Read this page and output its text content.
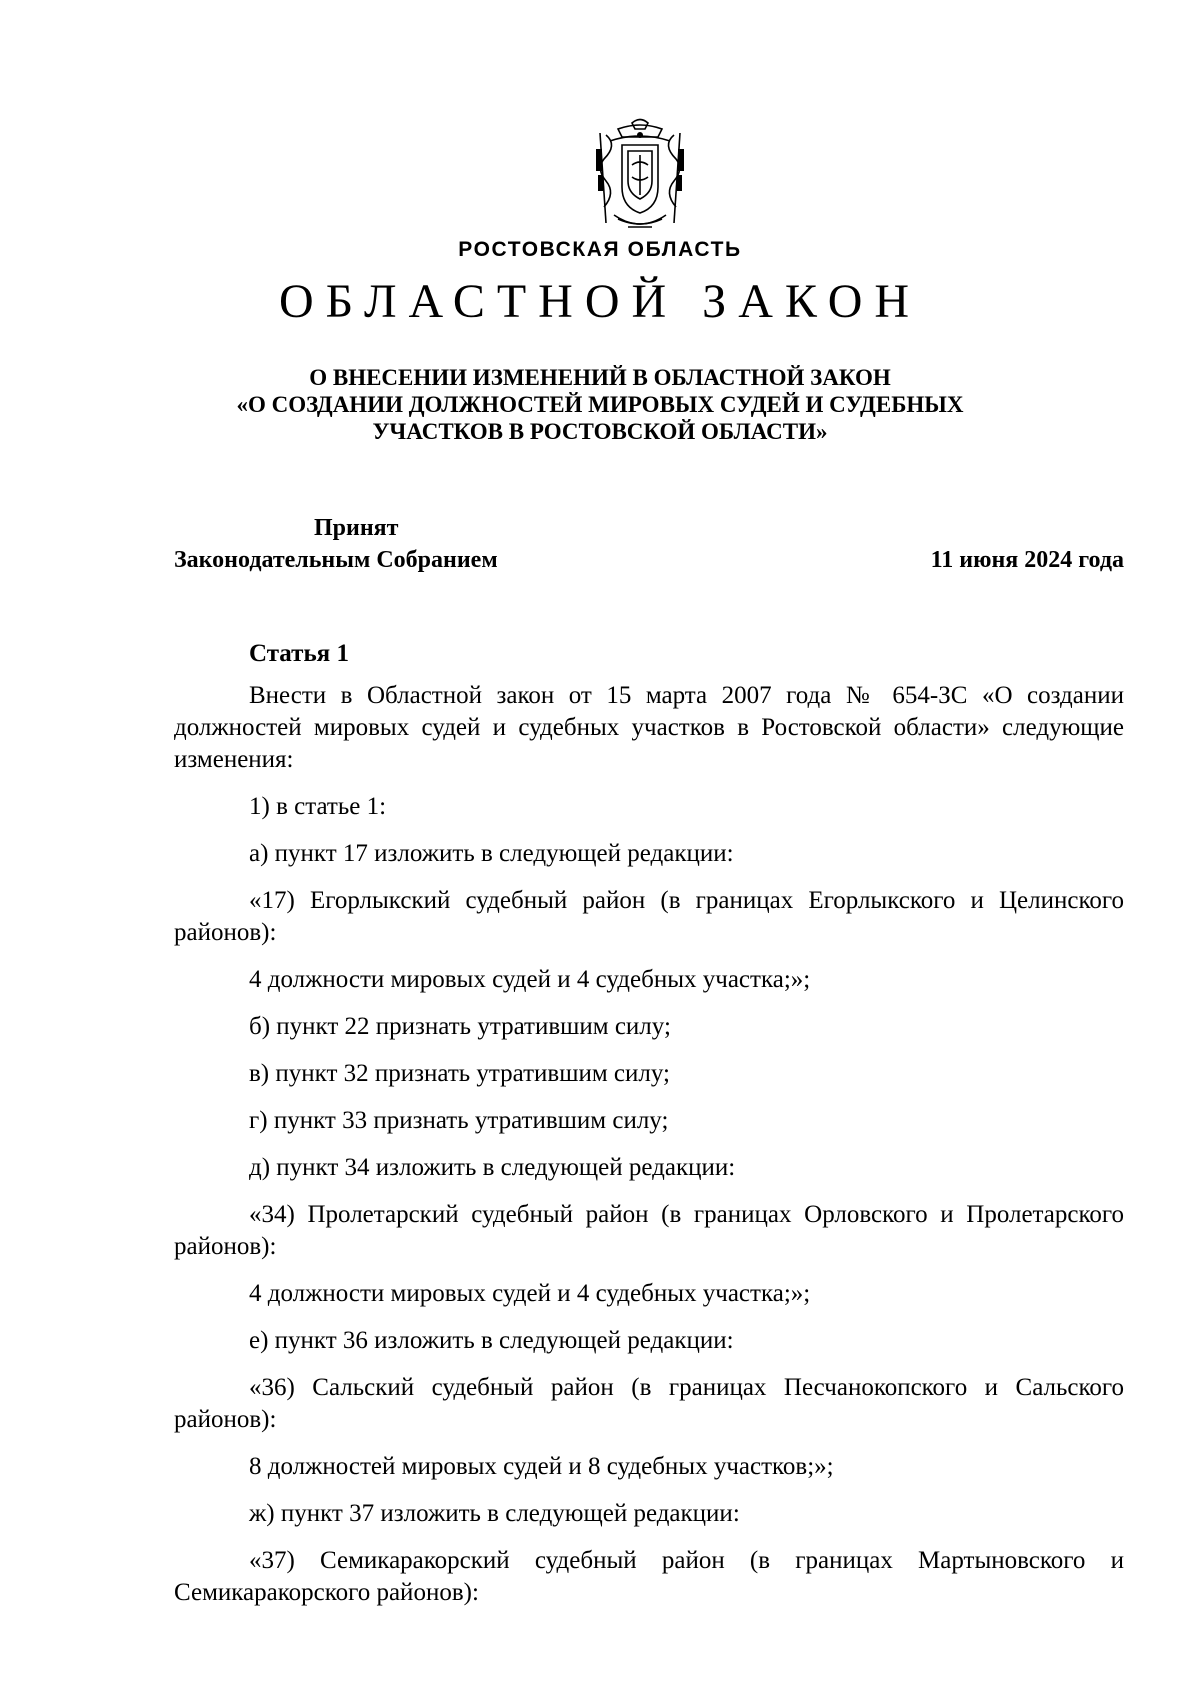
РОСТОВСКАЯ ОБЛАСТЬ
ОБЛАСТНОЙ ЗАКОН
О ВНЕСЕНИИ ИЗМЕНЕНИЙ В ОБЛАСТНОЙ ЗАКОН
«О СОЗДАНИИ ДОЛЖНОСТЕЙ МИРОВЫХ СУДЕЙ И СУДЕБНЫХ
УЧАСТКОВ В РОСТОВСКОЙ ОБЛАСТИ»
Принят
Законодательным Собранием	11 июня 2024 года
Статья 1
Внести в Областной закон от 15 марта 2007 года № 654-ЗС «О создании должностей мировых судей и судебных участков в Ростовской области» следующие изменения:
1) в статье 1:
а) пункт 17 изложить в следующей редакции:
«17) Егорлыкский судебный район (в границах Егорлыкского и Целинского районов):
4 должности мировых судей и 4 судебных участка;»;
б) пункт 22 признать утратившим силу;
в) пункт 32 признать утратившим силу;
г) пункт 33 признать утратившим силу;
д) пункт 34 изложить в следующей редакции:
«34) Пролетарский судебный район (в границах Орловского и Пролетарского районов):
4 должности мировых судей и 4 судебных участка;»;
е) пункт 36 изложить в следующей редакции:
«36) Сальский судебный район (в границах Песчанокопского и Сальского районов):
8 должностей мировых судей и 8 судебных участков;»;
ж) пункт 37 изложить в следующей редакции:
«37) Семикаракорский судебный район (в границах Мартыновского и Семикаракорского районов):
